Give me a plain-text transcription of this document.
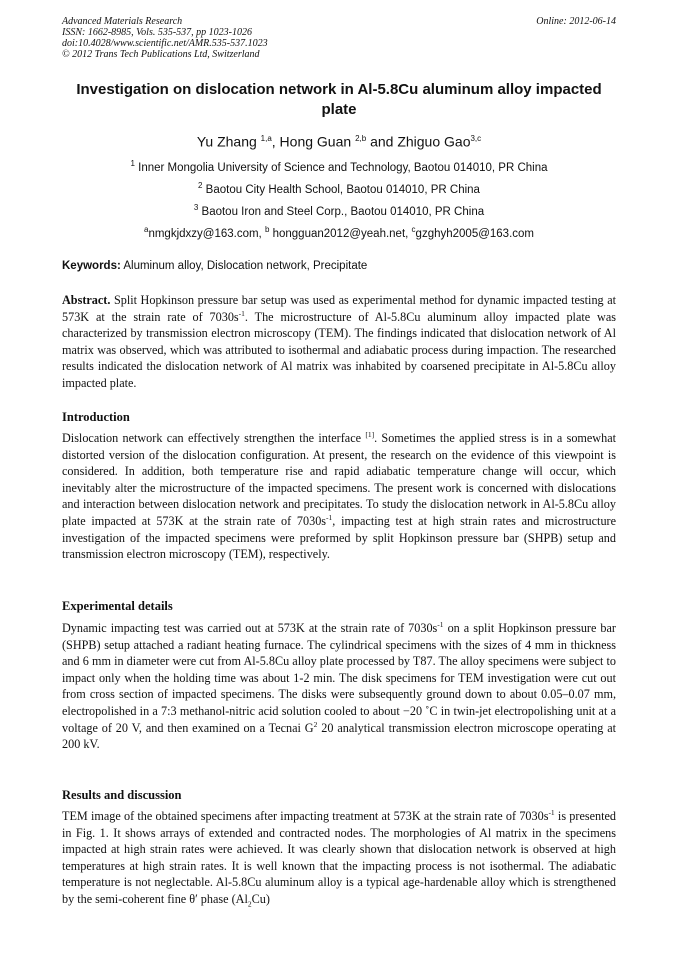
Advanced Materials Research
ISSN: 1662-8985, Vols. 535-537, pp 1023-1026
doi:10.4028/www.scientific.net/AMR.535-537.1023
© 2012 Trans Tech Publications Ltd, Switzerland
Online: 2012-06-14
Investigation on dislocation network in Al-5.8Cu aluminum alloy impacted plate
Yu Zhang $^{1,a}$, Hong Guan $^{2,b}$ and Zhiguo Gao$^{3,c}$
$^1$ Inner Mongolia University of Science and Technology, Baotou 014010, PR China
$^2$ Baotou City Health School, Baotou 014010, PR China
$^3$ Baotou Iron and Steel Corp., Baotou 014010, PR China
$^a$nmgkjdxzy@163.com, $^b$ hongguan2012@yeah.net, $^c$gzghyh2005@163.com
Keywords: Aluminum alloy, Dislocation network, Precipitate
Abstract. Split Hopkinson pressure bar setup was used as experimental method for dynamic impacted testing at 573K at the strain rate of $7030s^{-1}$. The microstructure of Al-5.8Cu aluminum alloy impacted plate was characterized by transmission electron microscopy (TEM). The findings indicated that dislocation network of Al matrix was observed, which was attributed to isothermal and adiabatic process during impaction. The researched results indicated the dislocation network of Al matrix was inhabited by coarsened precipitate in Al-5.8Cu alloy impacted plate.
Introduction
Dislocation network can effectively strengthen the interface [1]. Sometimes the applied stress is in a somewhat distorted version of the dislocation configuration. At present, the research on the evidence of this viewpoint is considered. In addition, both temperature rise and rapid adiabatic temperature change will occur, which inevitably alter the microstructure of the impacted specimens. The present work is concerned with dislocations and interaction between dislocation network and precipitates. To study the dislocation network in Al-5.8Cu alloy plate impacted at 573K at the strain rate of $7030s^{-1}$, impacting test at high strain rates and microstructure investigation of the impacted specimens were preformed by split Hopkinson pressure bar (SHPB) setup and transmission electron microscopy (TEM), respectively.
Experimental details
Dynamic impacting test was carried out at 573K at the strain rate of $7030s^{-1}$ on a split Hopkinson pressure bar (SHPB) setup attached a radiant heating furnace. The cylindrical specimens with the sizes of 4 mm in thickness and 6 mm in diameter were cut from Al-5.8Cu alloy plate processed by T87. The alloy specimens were subject to impact only when the holding time was about 1-2 min. The disk specimens for TEM investigation were cut out from cross section of impacted specimens. The disks were subsequently ground down to about 0.05–0.07 mm, electropolished in a 7:3 methanol-nitric acid solution cooled to about −20 ˚C in twin-jet electropolishing unit at a voltage of 20 V, and then examined on a Tecnai $G^2$ 20 analytical transmission electron microscope operating at 200 kV.
Results and discussion
TEM image of the obtained specimens after impacting treatment at 573K at the strain rate of $7030s^{-1}$ is presented in Fig. 1. It shows arrays of extended and contracted nodes. The morphologies of Al matrix in the specimens impacted at high strain rates were achieved. It was clearly shown that dislocation network is observed at high temperatures at high strain rates. It is well known that the impacting process is not isothermal. The adiabatic temperature is not neglectable. Al-5.8Cu aluminum alloy is a typical age-hardenable alloy which is strengthened by the semi-coherent fine θ′ phase $(Al_2Cu)$
